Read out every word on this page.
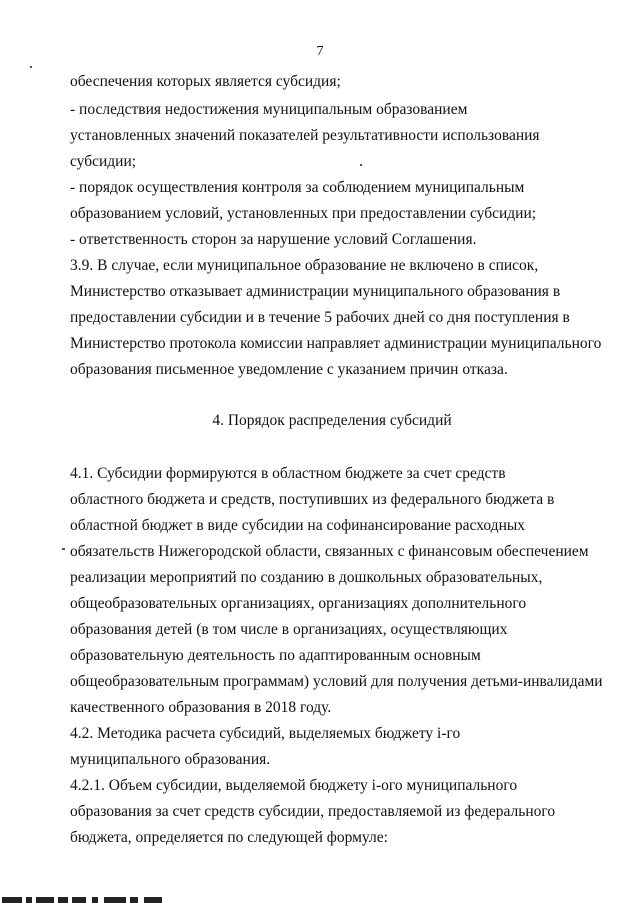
7
обеспечения которых является субсидия;
- последствия недостижения муниципальным образованием
установленных значений показателей результативности использования
субсидии;
- порядок осуществления контроля за соблюдением муниципальным
образованием условий, установленных при предоставлении субсидии;
- ответственность сторон за нарушение условий Соглашения.
3.9. В случае, если муниципальное образование не включено в список,
Министерство отказывает администрации муниципального образования в
предоставлении субсидии и в течение 5 рабочих дней со дня поступления в
Министерство протокола комиссии направляет администрации муниципального
образования письменное уведомление с указанием причин отказа.
4. Порядок распределения субсидий
4.1. Субсидии формируются в областном бюджете за счет средств
областного бюджета и средств, поступивших из федерального бюджета в
областной бюджет в виде субсидии на софинансирование расходных
обязательств Нижегородской области, связанных с финансовым обеспечением
реализации мероприятий по созданию в дошкольных образовательных,
общеобразовательных организациях, организациях дополнительного
образования детей (в том числе в организациях, осуществляющих
образовательную деятельность по адаптированным основным
общеобразовательным программам) условий для получения детьми-инвалидами
качественного образования в 2018 году.
4.2. Методика расчета субсидий, выделяемых бюджету i-го
муниципального образования.
4.2.1. Объем субсидии, выделяемой бюджету i-ого муниципального
образования за счет средств субсидии, предоставляемой из федерального
бюджета, определяется по следующей формуле:
